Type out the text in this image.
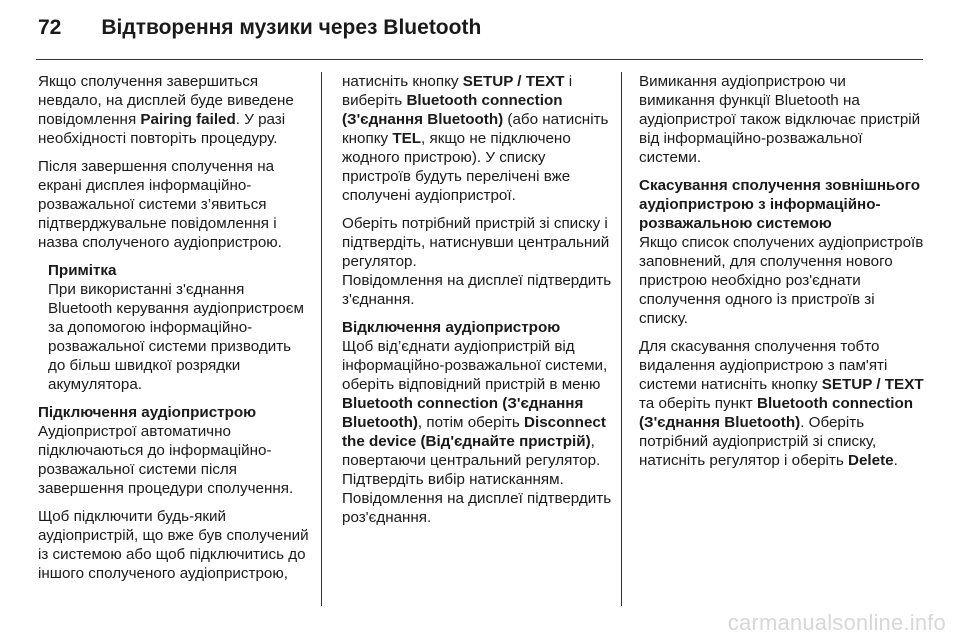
72 Відтворення музики через Bluetooth

Якщо сполучення завершиться невдало, на дисплей буде виведене повідомлення Pairing failed. У разі необхідності повторіть процедуру.

Після завершення сполучення на екрані дисплея інформаційно-розважальної системи з’явиться підтверджувальне повідомлення і назва сполученого аудіопристрою.

Примітка
При використанні з'єднання Bluetooth керування аудіопристроєм за допомогою інформаційно-розважальної системи призводить до більш швидкої розрядки акумулятора.
Підключення аудіопристрою

Аудіопристрої автоматично підключаються до інформаційно-розважальної системи після завершення процедури сполучення.

Щоб підключити будь-який аудіопристрій, що вже був сполучений із системою або щоб підключитись до іншого сполученого аудіопристрою,

натисніть кнопку SETUP / TEXT і виберіть Bluetooth connection (З'єднання Bluetooth) (або натисніть кнопку TEL, якщо не підключено жодного пристрою). У списку пристроїв будуть перелічені вже сполучені аудіопристрої.

Оберіть потрібний пристрій зі списку і підтвердіть, натиснувши центральний регулятор.
Повідомлення на дисплеї підтвердить з'єднання.

Відключення аудіопристрою

Щоб від’єднати аудіопристрій від інформаційно-розважальної системи, оберіть відповідний пристрій в меню Bluetooth connection (З'єднання Bluetooth), потім оберіть Disconnect the device (Від'єднайте пристрій), повертаючи центральний регулятор.
Підтвердіть вибір натисканням.
Повідомлення на дисплеї підтвердить роз'єднання.

Вимикання аудіопристрою чи вимикання функції Bluetooth на аудіопристрої також відключає пристрій від інформаційно-розважальної системи.

Скасування сполучення зовнішнього аудіопристрою з інформаційно-розважальною системою

Якщо список сполучених аудіопристроїв заповнений, для сполучення нового пристрою необхідно роз'єднати сполучення одного із пристроїв зі списку.

Для скасування сполучення тобто видалення аудіопристрою з пам'яті системи натисніть кнопку SETUP / TEXT та оберіть пункт Bluetooth connection (З'єднання Bluetooth). Оберіть потрібний аудіопристрій зі списку, натисніть регулятор і оберіть Delete.

carmanualsonline.info
